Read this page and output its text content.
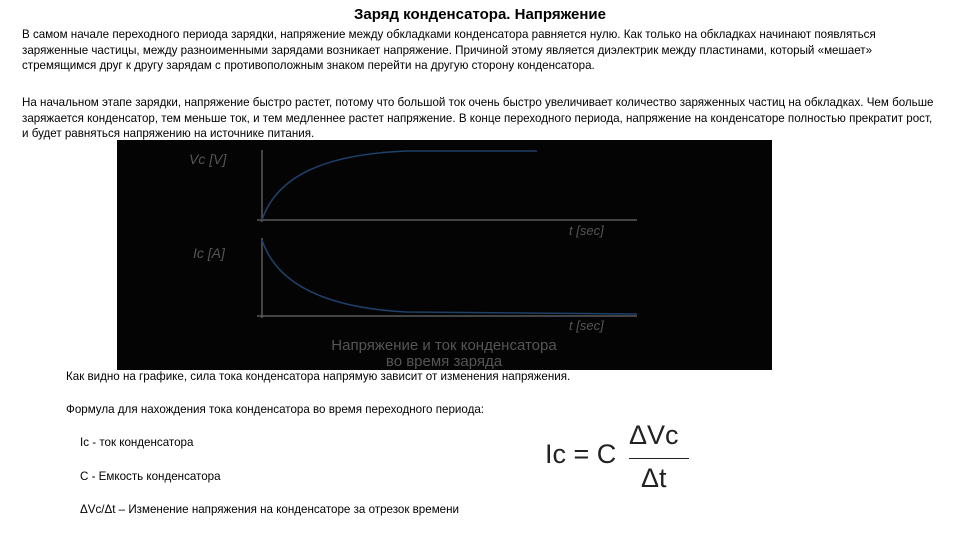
Заряд конденсатора. Напряжение

В самом начале переходного периода зарядки, напряжение между обкладками конденсатора равняется нулю. Как только на обкладках начинают появляться заряженные частицы, между разноименными зарядами возникает напряжение. Причиной этому является диэлектрик между пластинами, который «мешает» стремящимся друг к другу зарядам с противоположным знаком перейти на другую сторону конденсатора.

На начальном этапе зарядки, напряжение быстро растет, потому что большой ток очень быстро увеличивает количество заряженных частиц на обкладках. Чем больше заряжается конденсатор, тем меньше ток, и тем медленнее растет напряжение. В конце переходного периода, напряжение на конденсаторе полностью прекратит рост, и будет равняться напряжению на источнике питания.

Vc [V]
Ic [A]
t [sec]
t [sec]
Напряжение и ток конденсатора
во время заряда

Как видно на графике, сила тока конденсатора напрямую зависит от изменения напряжения.

Формула для нахождения тока конденсатора во время переходного периода:

Ic - ток конденсатора

C - Емкость конденсатора

ΔVc/Δt – Изменение напряжения на конденсаторе за отрезок времени

Ic = C
ΔVc
Δt
